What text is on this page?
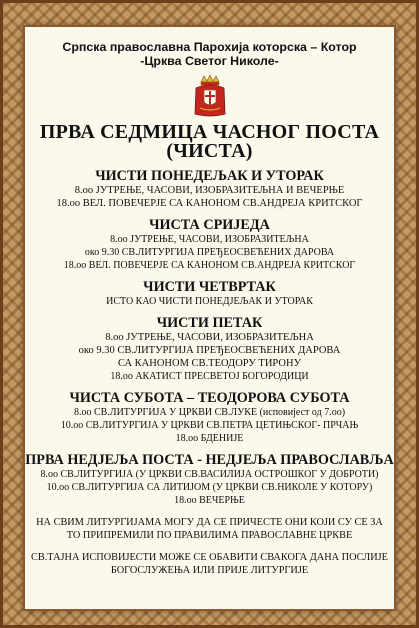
Српска православна Парохија которска – Котор
-Црква Светог Николе-
ПРВА СЕДМИЦА ЧАСНОГ ПОСТА
(ЧИСТА)
ЧИСТИ ПОНЕДЕЉАК И УТОРАК
8.оо ЈУТРЕЊЕ, ЧАСОВИ, ИЗОБРАЗИТЕЉНА И ВЕЧЕРЊЕ
18.оо ВЕЛ. ПОВЕЧЕРЈЕ СА КАНОНОМ СВ.АНДРЕЈА КРИТСКОГ
ЧИСТА СРИЈЕДА
8.оо ЈУТРЕЊЕ, ЧАСОВИ, ИЗОБРАЗИТЕЉНА
око 9.30 СВ.ЛИТУРГИЈА ПРЕЂЕОСВЕЋЕНИХ ДАРОВА
18.оо ВЕЛ. ПОВЕЧЕРЈЕ СА КАНОНОМ СВ.АНДРЕЈА КРИТСКОГ
ЧИСТИ ЧЕТВРТАК
ИСТО КАО ЧИСТИ ПОНЕДЈЕЉАК И УТОРАК
ЧИСТИ ПЕТАК
8.оо ЈУТРЕЊЕ, ЧАСОВИ, ИЗОБРАЗИТЕЉНА
око 9.30 СВ.ЛИТУРГИЈА ПРЕЂЕОСВЕЋЕНИХ ДАРОВА
СА КАНОНОМ СВ.ТЕОДОРУ ТИРОНУ
18.оо АКАТИСТ ПРЕСВЕТОЈ БОГОРОДИЦИ
ЧИСТА СУБОТА – ТЕОДОРОВА СУБОТА
8.оо СВ.ЛИТУРГИЈА У ЦРКВИ СВ.ЛУКЕ (исповијест од 7.оо)
10.оо СВ.ЛИТУРГИЈА У ЦРКВИ СВ.ПЕТРА ЦЕТИЊСКОГ- ПРЧАЊ
18.оо БДЕНИЈЕ
ПРВА НЕДЈЕЉА ПОСТА - НЕДЈЕЉА ПРАВОСЛАВЉА
8.оо СВ.ЛИТУРГИЈА (У ЦРКВИ СВ.ВАСИЛИЈА ОСТРОШКОГ У ДОБРОТИ)
10.оо СВ.ЛИТУРГИЈА СА ЛИТИЈОМ (У ЦРКВИ СВ.НИКОЛЕ У КОТОРУ)
18.оо ВЕЧЕРЊЕ
НА СВИМ ЛИТУРГИЈАМА МОГУ ДА СЕ ПРИЧЕСТЕ ОНИ КОЈИ СУ СЕ ЗА ТО ПРИПРЕМИЛИ ПО ПРАВИЛИМА ПРАВОСЛАВНЕ ЦРКВЕ
СВ.ТАЈНА ИСПОВИЈЕСТИ МОЖЕ СЕ ОБАВИТИ СВАКОГА ДАНА ПОСЛИЈЕ БОГОСЛУЖЕЊА ИЛИ ПРИЈЕ ЛИТУРГИЈЕ
